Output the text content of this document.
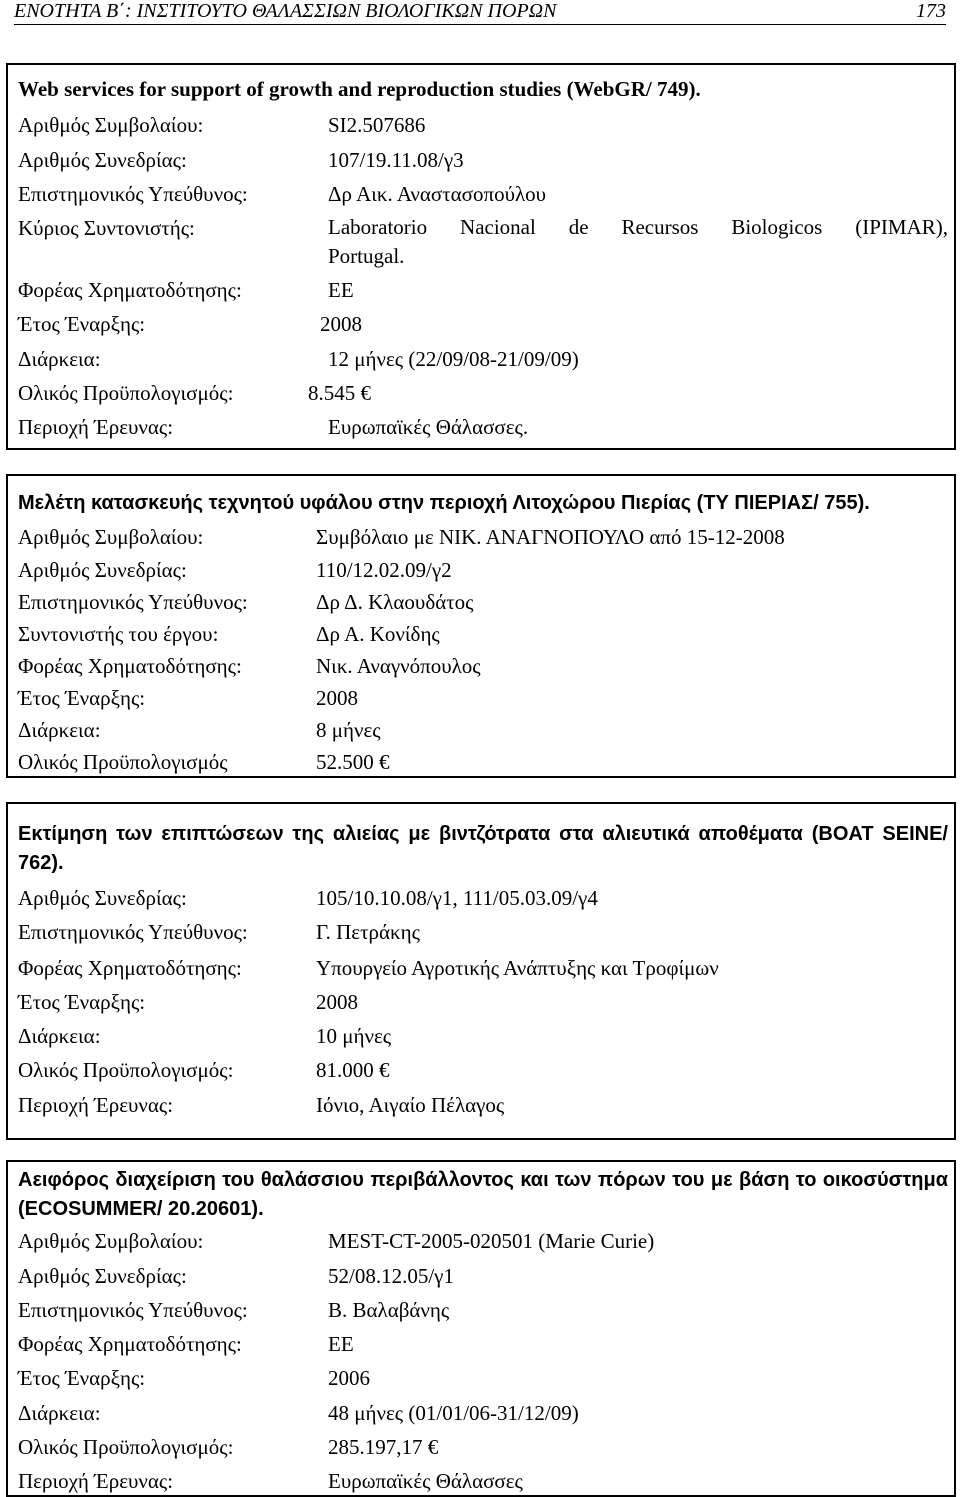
ΕΝΟΤΗΤΑ Β΄: ΙΝΣΤΙΤΟΥΤΟ ΘΑΛΑΣΣΙΩΝ ΒΙΟΛΟΓΙΚΩΝ ΠΟΡΩΝ	173
Web services for support of growth and reproduction studies (WebGR/ 749).
Αριθμός Συμβολαίου:	SI2.507686
Αριθμός Συνεδρίας:	107/19.11.08/γ3
Επιστημονικός Υπεύθυνος:	Δρ Αικ. Αναστασοπούλου
Κύριος Συντονιστής:	Laboratorio Nacional de Recursos Biologicos (IPIMAR),
Portugal.
Φορέας Χρηματοδότησης:	ΕΕ
Έτος Έναρξης:	2008
Διάρκεια:	12 μήνες (22/09/08-21/09/09)
Ολικός Προϋπολογισμός:	8.545 €
Περιοχή Έρευνας:	Ευρωπαϊκές Θάλασσες.
Μελέτη κατασκευής τεχνητού υφάλου στην περιοχή Λιτοχώρου Πιερίας (ΤΥ ΠΙΕΡΙΑΣ/ 755).
Αριθμός Συμβολαίου:	Συμβόλαιο με ΝΙΚ. ΑΝΑΓΝΟΠΟΥΛΟ από 15-12-2008
Αριθμός Συνεδρίας:	110/12.02.09/γ2
Επιστημονικός Υπεύθυνος:	Δρ Δ. Κλαουδάτος
Συντονιστής του έργου:	Δρ Α. Κονίδης
Φορέας Χρηματοδότησης:	Νικ. Αναγνόπουλος
Έτος Έναρξης:	2008
Διάρκεια:	8 μήνες
Ολικός Προϋπολογισμός	52.500 €
Εκτίμηση των επιπτώσεων της αλιείας με βιντζότρατα στα αλιευτικά αποθέματα (BOAT SEINE/ 762).
Αριθμός Συνεδρίας:	105/10.10.08/γ1, 111/05.03.09/γ4
Επιστημονικός Υπεύθυνος:	Γ. Πετράκης
Φορέας Χρηματοδότησης:	Υπουργείο Αγροτικής Ανάπτυξης και Τροφίμων
Έτος Έναρξης:	2008
Διάρκεια:	10 μήνες
Ολικός Προϋπολογισμός:	81.000 €
Περιοχή Έρευνας:	Ιόνιο, Αιγαίο Πέλαγος
Αειφόρος διαχείριση του θαλάσσιου περιβάλλοντος και των πόρων του με βάση το οικοσύστημα (ECOSUMMER/ 20.20601).
Αριθμός Συμβολαίου:	MEST-CT-2005-020501 (Marie Curie)
Αριθμός Συνεδρίας:	52/08.12.05/γ1
Επιστημονικός Υπεύθυνος:	Β. Βαλαβάνης
Φορέας Χρηματοδότησης:	ΕΕ
Έτος Έναρξης:	2006
Διάρκεια:	48 μήνες (01/01/06-31/12/09)
Ολικός Προϋπολογισμός:	285.197,17 €
Περιοχή Έρευνας:	Ευρωπαϊκές Θάλασσες
